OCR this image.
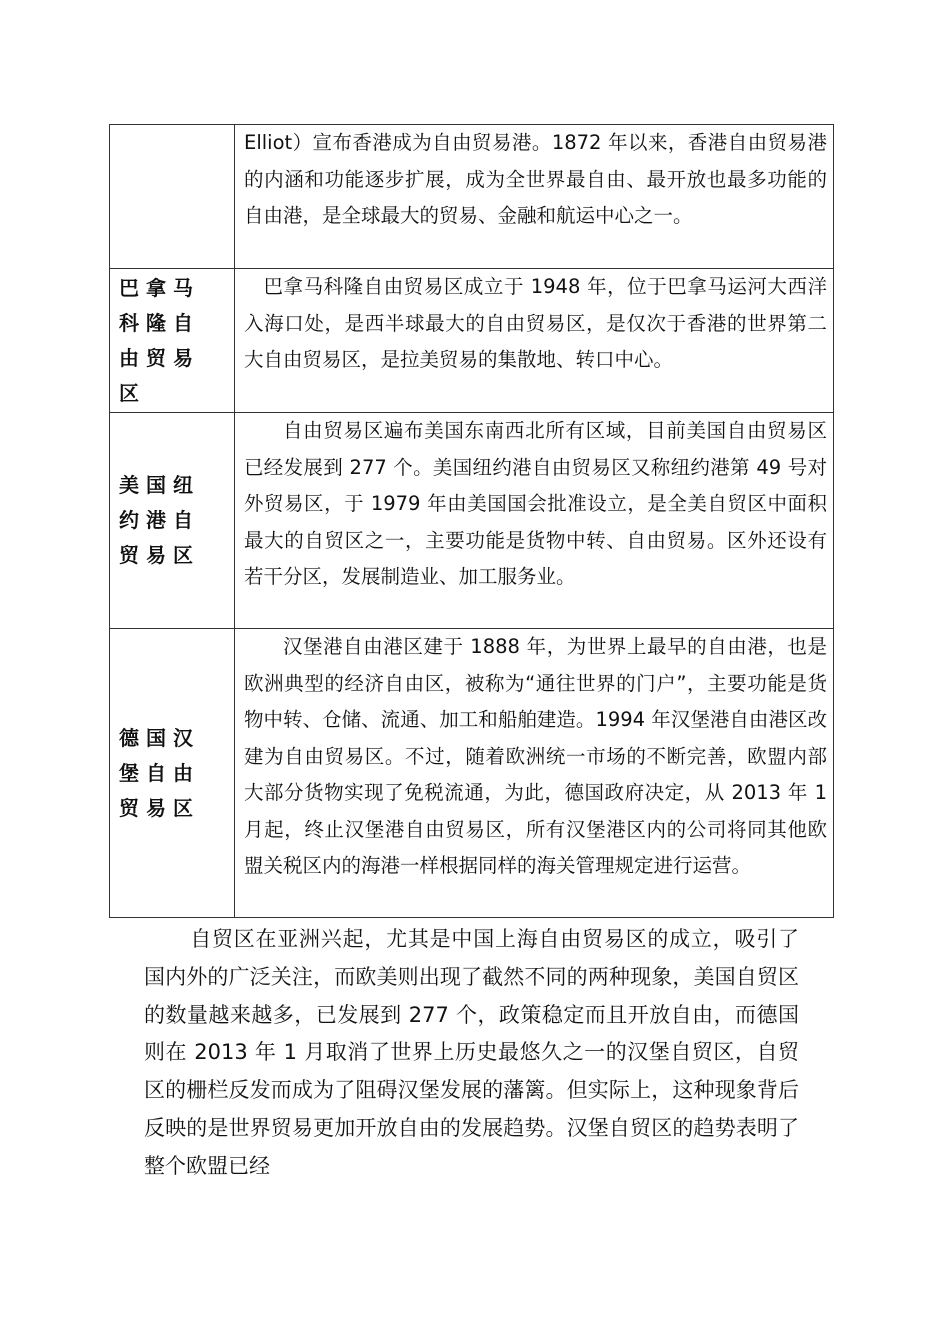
	Elliot）宣布香港成为自由贸易港。1872 年以来，香港自由贸易港的内涵和功能逐步扩展，成为全世界最自由、最开放也最多功能的自由港，是全球最大的贸易、金融和航运中心之一。

巴拿马科隆自由贸易区	巴拿马科隆自由贸易区成立于 1948 年，位于巴拿马运河大西洋入海口处，是西半球最大的自由贸易区，是仅次于香港的世界第二大自由贸易区，是拉美贸易的集散地、转口中心。

美国纽约港自贸易区	自由贸易区遍布美国东南西北所有区域，目前美国自由贸易区已经发展到 277 个。美国纽约港自由贸易区又称纽约港第 49 号对外贸易区，于 1979 年由美国国会批准设立，是全美自贸区中面积最大的自贸区之一，主要功能是货物中转、自由贸易。区外还设有若干分区，发展制造业、加工服务业。

德国汉堡自由贸易区	汉堡港自由港区建于 1888 年，为世界上最早的自由港，也是欧洲典型的经济自由区，被称为“通往世界的门户”，主要功能是货物中转、仓储、流通、加工和船舶建造。1994 年汉堡港自由港区改建为自由贸易区。不过，随着欧洲统一市场的不断完善，欧盟内部大部分货物实现了免税流通，为此，德国政府决定，从 2013 年 1 月起，终止汉堡港自由贸易区，所有汉堡港区内的公司将同其他欧盟关税区内的海港一样根据同样的海关管理规定进行运营。
自贸区在亚洲兴起，尤其是中国上海自由贸易区的成立，吸引了国内外的广泛关注，而欧美则出现了截然不同的两种现象，美国自贸区的数量越来越多，已发展到 277 个，政策稳定而且开放自由，而德国则在 2013 年 1 月取消了世界上历史最悠久之一的汉堡自贸区，自贸区的栅栏反发而成为了阻碍汉堡发展的藩篱。但实际上，这种现象背后反映的是世界贸易更加开放自由的发展趋势。汉堡自贸区的趋势表明了整个欧盟已经
